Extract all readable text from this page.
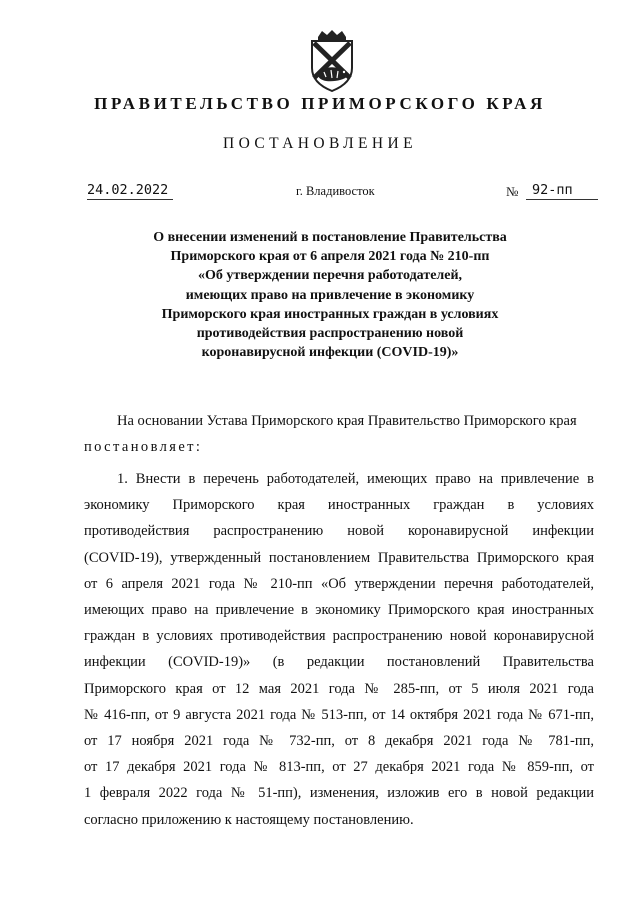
ПРАВИТЕЛЬСТВО ПРИМОРСКОГО КРАЯ
ПОСТАНОВЛЕНИЕ
24.02.2022	г. Владивосток	№	92-пп
О внесении изменений в постановление Правительства
Приморского края от 6 апреля 2021 года № 210-пп
«Об утверждении перечня работодателей,
имеющих право на привлечение в экономику
Приморского края иностранных граждан в условиях
противодействия распространению новой
коронавирусной инфекции (COVID-19)»
На основании Устава Приморского края Правительство Приморского края
постановляет:
1. Внести в перечень работодателей, имеющих право на привлечение в
экономику Приморского края иностранных граждан в условиях
противодействия распространению новой коронавирусной инфекции
(COVID-19), утвержденный постановлением Правительства Приморского края
от 6 апреля 2021 года № 210-пп «Об утверждении перечня работодателей,
имеющих право на привлечение в экономику Приморского края иностранных
граждан в условиях противодействия распространению новой коронавирусной
инфекции (COVID-19)» (в редакции постановлений Правительства
Приморского края от 12 мая 2021 года № 285-пп, от 5 июля 2021 года
№ 416-пп, от 9 августа 2021 года № 513-пп, от 14 октября 2021 года № 671-пп,
от 17 ноября 2021 года № 732-пп, от 8 декабря 2021 года № 781-пп,
от 17 декабря 2021 года № 813-пп, от 27 декабря 2021 года № 859-пп, от
1 февраля 2022 года № 51-пп), изменения, изложив его в новой редакции
согласно приложению к настоящему постановлению.
